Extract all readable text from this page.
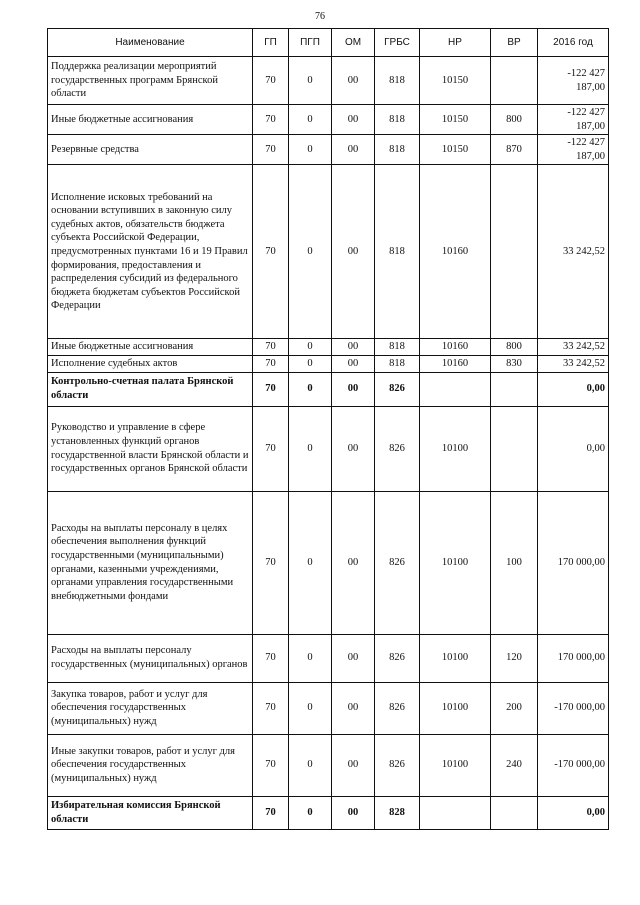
76
Наименование	ГП	ПГП	ОМ	ГРБС	НР	ВР	2016 год
Поддержка реализации мероприятий государственных программ Брянской области	70	0	00	818	10150		-122 427 187,00
Иные бюджетные ассигнования	70	0	00	818	10150	800	-122 427 187,00
Резервные средства	70	0	00	818	10150	870	-122 427 187,00
Исполнение исковых требований на основании вступивших в законную силу судебных актов, обязательств бюджета субъекта Российской Федерации, предусмотренных пунктами 16 и 19 Правил формирования, предоставления и распределения субсидий из федерального бюджета бюджетам субъектов Российской Федерации	70	0	00	818	10160		33 242,52
Иные бюджетные ассигнования	70	0	00	818	10160	800	33 242,52
Исполнение судебных актов	70	0	00	818	10160	830	33 242,52
Контрольно-счетная палата Брянской области	70	0	00	826			0,00
Руководство и управление в сфере установленных функций органов государственной власти Брянской области и государственных органов Брянской области	70	0	00	826	10100		0,00
Расходы на выплаты персоналу в целях обеспечения выполнения функций государственными (муниципальными) органами, казенными учреждениями, органами управления государственными внебюджетными фондами	70	0	00	826	10100	100	170 000,00
Расходы на выплаты персоналу государственных (муниципальных) органов	70	0	00	826	10100	120	170 000,00
Закупка товаров, работ и услуг для обеспечения государственных (муниципальных) нужд	70	0	00	826	10100	200	-170 000,00
Иные закупки товаров, работ и услуг для обеспечения государственных (муниципальных) нужд	70	0	00	826	10100	240	-170 000,00
Избирательная комиссия Брянской области	70	0	00	828			0,00
